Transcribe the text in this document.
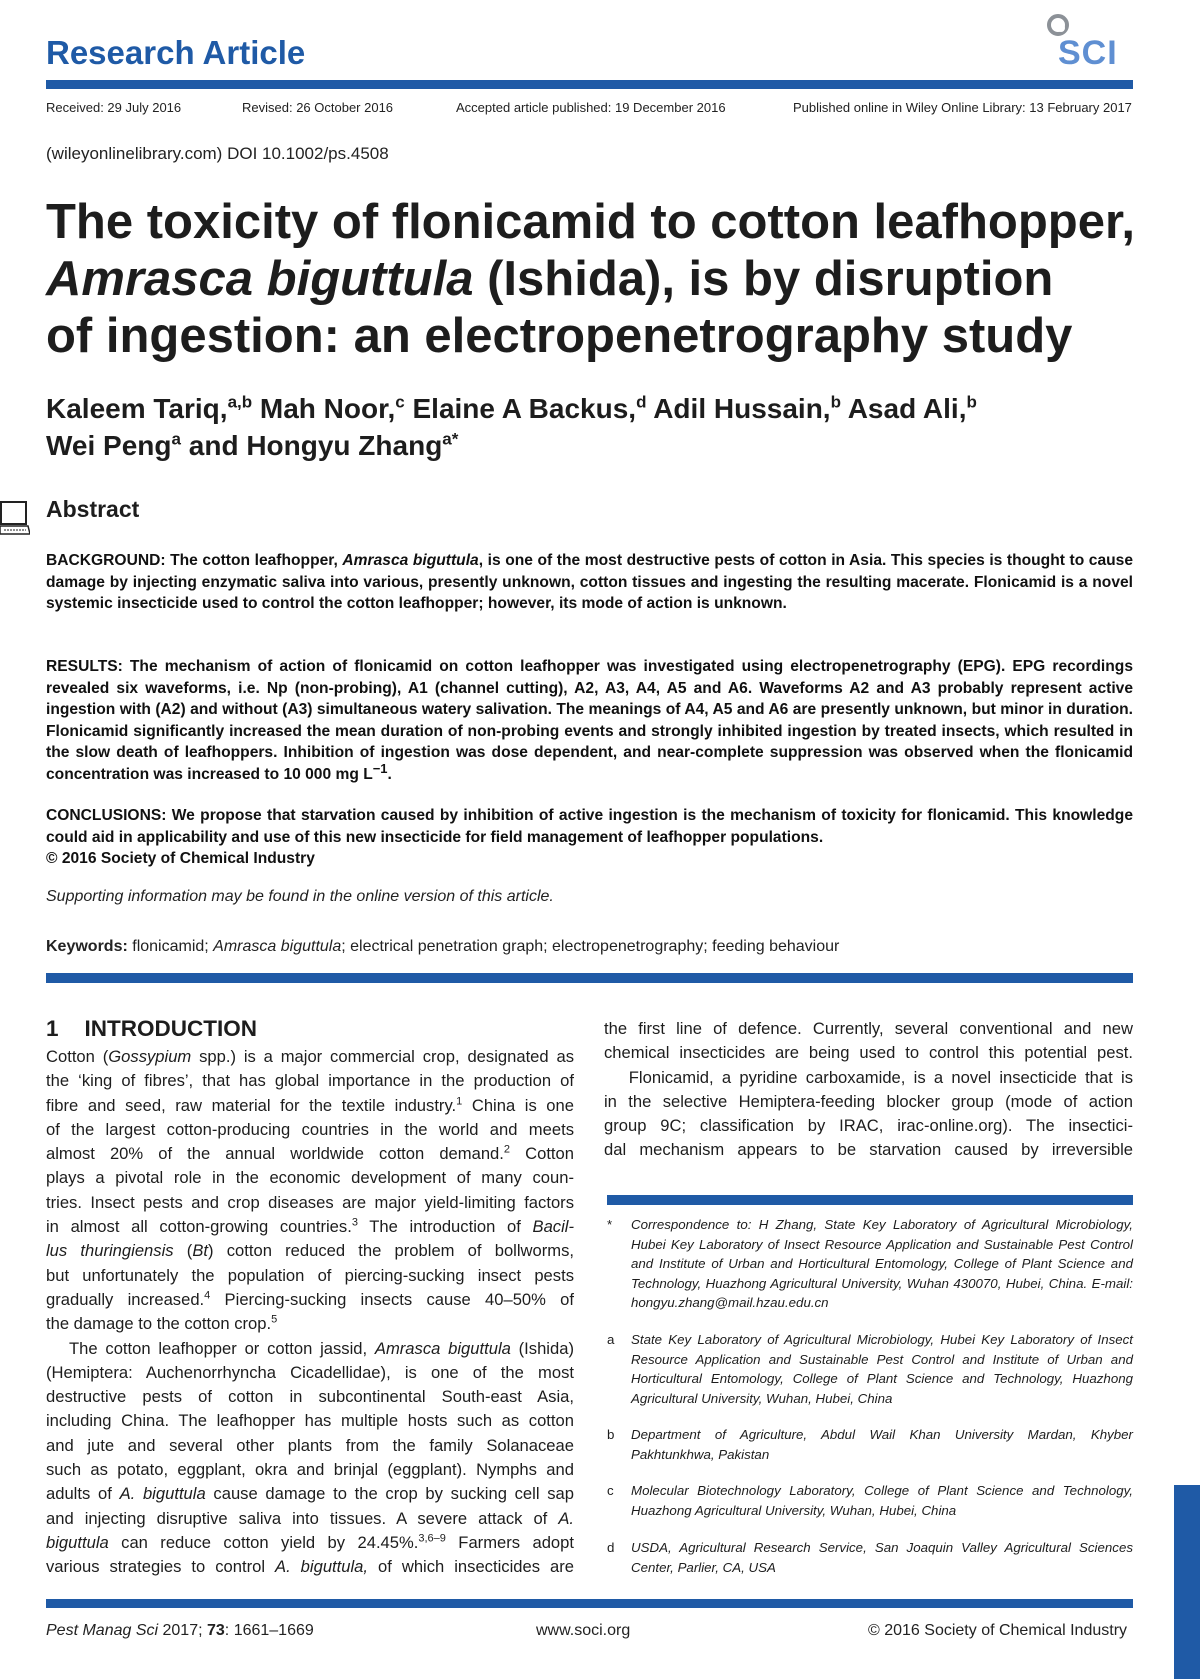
Research Article	SCI
Received: 29 July 2016	Revised: 26 October 2016	Accepted article published: 19 December 2016	Published online in Wiley Online Library: 13 February 2017
(wileyonlinelibrary.com) DOI 10.1002/ps.4508
The toxicity of flonicamid to cotton leafhopper,
Amrasca biguttula (Ishida), is by disruption
of ingestion: an electropenetrography study
Kaleem Tariq,$^{a,b}$ Mah Noor,$^c$ Elaine A Backus,$^d$ Adil Hussain,$^b$ Asad Ali,$^b$
Wei Peng$^a$ and Hongyu Zhang$^{a*}$
Abstract
BACKGROUND: The cotton leafhopper, Amrasca biguttula, is one of the most destructive pests of cotton in Asia. This species is thought to cause damage by injecting enzymatic saliva into various, presently unknown, cotton tissues and ingesting the resulting macerate. Flonicamid is a novel systemic insecticide used to control the cotton leafhopper; however, its mode of action is unknown.
RESULTS: The mechanism of action of flonicamid on cotton leafhopper was investigated using electropenetrography (EPG). EPG recordings revealed six waveforms, i.e. Np (non-probing), A1 (channel cutting), A2, A3, A4, A5 and A6. Waveforms A2 and A3 probably represent active ingestion with (A2) and without (A3) simultaneous watery salivation. The meanings of A4, A5 and A6 are presently unknown, but minor in duration. Flonicamid significantly increased the mean duration of non-probing events and strongly inhibited ingestion by treated insects, which resulted in the slow death of leafhoppers. Inhibition of ingestion was dose dependent, and near-complete suppression was observed when the flonicamid concentration was increased to 10 000 mg $L^{-1}$.
CONCLUSIONS: We propose that starvation caused by inhibition of active ingestion is the mechanism of toxicity for flonicamid. This knowledge could aid in applicability and use of this new insecticide for field management of leafhopper populations.
© 2016 Society of Chemical Industry
Supporting information may be found in the online version of this article.
Keywords: flonicamid; Amrasca biguttula; electrical penetration graph; electropenetrography; feeding behaviour
1 INTRODUCTION
Cotton (Gossypium spp.) is a major commercial crop, designated as
the ‘king of fibres’, that has global importance in the production of
fibre and seed, raw material for the textile industry.$^1$ China is one
of the largest cotton-producing countries in the world and meets
almost 20% of the annual worldwide cotton demand.$^2$ Cotton
plays a pivotal role in the economic development of many coun-
tries. Insect pests and crop diseases are major yield-limiting factors
in almost all cotton-growing countries.$^3$ The introduction of Bacil-
lus thuringiensis (Bt) cotton reduced the problem of bollworms,
but unfortunately the population of piercing-sucking insect pests
gradually increased.$^4$ Piercing-sucking insects cause 40–50% of
the damage to the cotton crop.$^5$
The cotton leafhopper or cotton jassid, Amrasca biguttula (Ishida)
(Hemiptera: Auchenorrhyncha Cicadellidae), is one of the most
destructive pests of cotton in subcontinental South-east Asia,
including China. The leafhopper has multiple hosts such as cotton
and jute and several other plants from the family Solanaceae
such as potato, eggplant, okra and brinjal (eggplant). Nymphs and
adults of A. biguttula cause damage to the crop by sucking cell sap
and injecting disruptive saliva into tissues. A severe attack of A.
biguttula can reduce cotton yield by 24.45%.$^{3,6-9}$ Farmers adopt
various strategies to control A. biguttula, of which insecticides are
the first line of defence. Currently, several conventional and new
chemical insecticides are being used to control this potential pest.
Flonicamid, a pyridine carboxamide, is a novel insecticide that is
in the selective Hemiptera-feeding blocker group (mode of action
group 9C; classification by IRAC, irac-online.org). The insectici-
dal mechanism appears to be starvation caused by irreversible
* Correspondence to: H Zhang, State Key Laboratory of Agricultural Microbiology, Hubei Key Laboratory of Insect Resource Application and Sustainable Pest Control and Institute of Urban and Horticultural Entomology, College of Plant Science and Technology, Huazhong Agricultural University, Wuhan 430070, Hubei, China. E-mail: hongyu.zhang@mail.hzau.edu.cn
a State Key Laboratory of Agricultural Microbiology, Hubei Key Laboratory of Insect Resource Application and Sustainable Pest Control and Institute of Urban and Horticultural Entomology, College of Plant Science and Technology, Huazhong Agricultural University, Wuhan, Hubei, China
b Department of Agriculture, Abdul Wail Khan University Mardan, Khyber Pakhtunkhwa, Pakistan
c Molecular Biotechnology Laboratory, College of Plant Science and Technology, Huazhong Agricultural University, Wuhan, Hubei, China
d USDA, Agricultural Research Service, San Joaquin Valley Agricultural Sciences Center, Parlier, CA, USA
Pest Manag Sci 2017; 73: 1661–1669	www.soci.org	© 2016 Society of Chemical Industry
1661
